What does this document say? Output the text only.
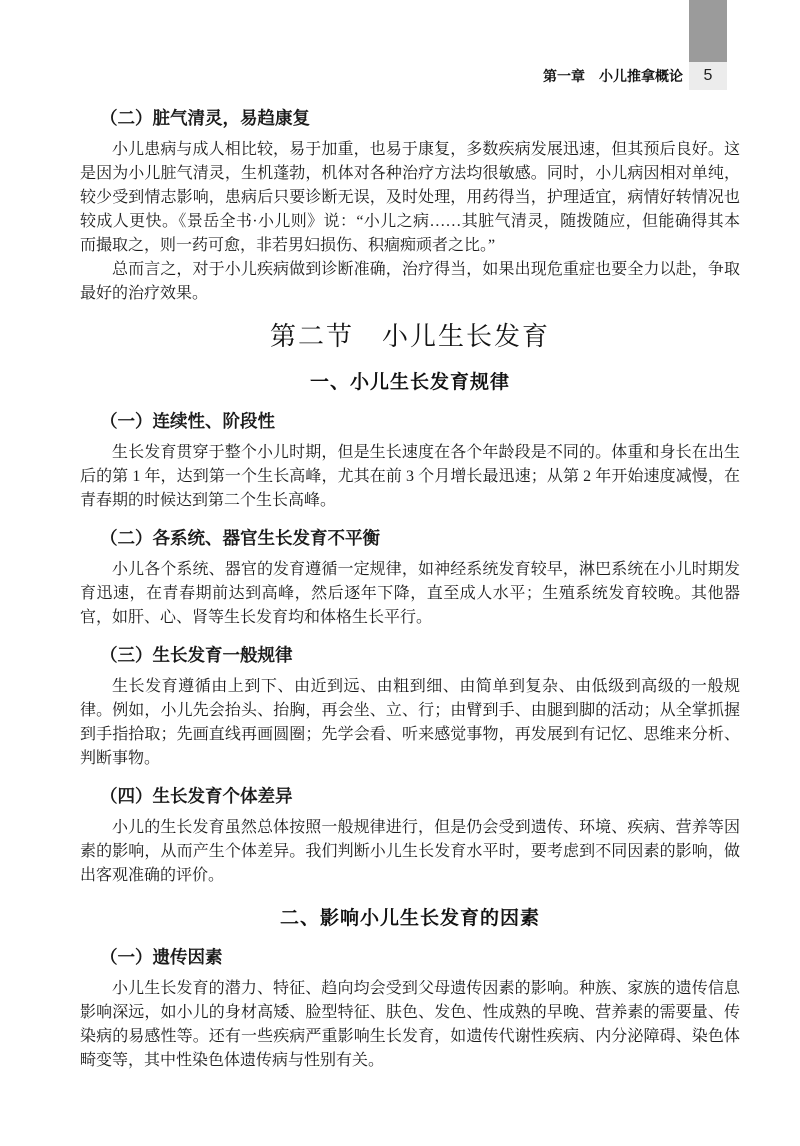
5
第一章　小儿推拿概论
（二）脏气清灵，易趋康复

小儿患病与成人相比较，易于加重，也易于康复，多数疾病发展迅速，但其预后良好。这是因为小儿脏气清灵，生机蓬勃，机体对各种治疗方法均很敏感。同时，小儿病因相对单纯，较少受到情志影响，患病后只要诊断无误，及时处理，用药得当，护理适宜，病情好转情况也较成人更快。《景岳全书·小儿则》说：“小儿之病……其脏气清灵，随拨随应，但能确得其本而撮取之，则一药可愈，非若男妇损伤、积痼痴顽者之比。”

总而言之，对于小儿疾病做到诊断准确，治疗得当，如果出现危重症也要全力以赴，争取最好的治疗效果。

第二节　小儿生长发育
一、小儿生长发育规律
（一）连续性、阶段性

生长发育贯穿于整个小儿时期，但是生长速度在各个年龄段是不同的。体重和身长在出生后的第 1 年，达到第一个生长高峰，尤其在前 3 个月增长最迅速；从第 2 年开始速度减慢，在青春期的时候达到第二个生长高峰。

（二）各系统、器官生长发育不平衡

小儿各个系统、器官的发育遵循一定规律，如神经系统发育较早，淋巴系统在小儿时期发育迅速，在青春期前达到高峰，然后逐年下降，直至成人水平；生殖系统发育较晚。其他器官，如肝、心、肾等生长发育均和体格生长平行。

（三）生长发育一般规律

生长发育遵循由上到下、由近到远、由粗到细、由简单到复杂、由低级到高级的一般规律。例如，小儿先会抬头、抬胸，再会坐、立、行；由臂到手、由腿到脚的活动；从全掌抓握到手指拾取；先画直线再画圆圈；先学会看、听来感觉事物，再发展到有记忆、思维来分析、判断事物。

（四）生长发育个体差异

小儿的生长发育虽然总体按照一般规律进行，但是仍会受到遗传、环境、疾病、营养等因素的影响，从而产生个体差异。我们判断小儿生长发育水平时，要考虑到不同因素的影响，做出客观准确的评价。

二、影响小儿生长发育的因素
（一）遗传因素

小儿生长发育的潜力、特征、趋向均会受到父母遗传因素的影响。种族、家族的遗传信息影响深远，如小儿的身材高矮、脸型特征、肤色、发色、性成熟的早晚、营养素的需要量、传染病的易感性等。还有一些疾病严重影响生长发育，如遗传代谢性疾病、内分泌障碍、染色体畸变等，其中性染色体遗传病与性别有关。
